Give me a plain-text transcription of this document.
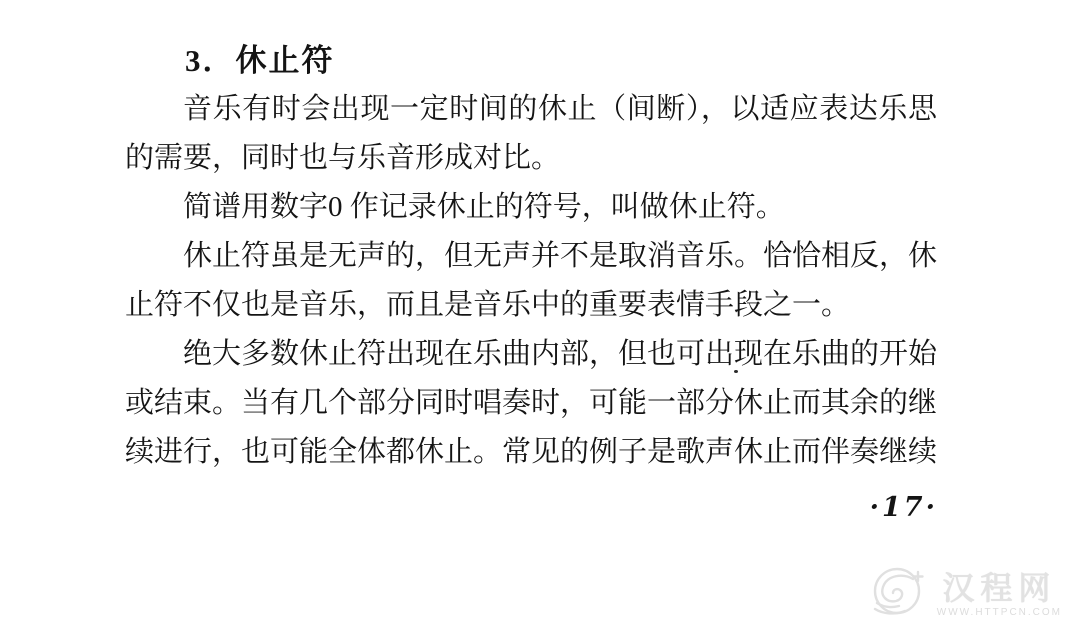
3．休止符
音乐有时会出现一定时间的休止（间断），以适应表达乐思
的需要，同时也与乐音形成对比。
简谱用数字0 作记录休止的符号，叫做休止符。
休止符虽是无声的，但无声并不是取消音乐。恰恰相反，休
止符不仅也是音乐，而且是音乐中的重要表情手段之一。
绝大多数休止符出现在乐曲内部，但也可出现在乐曲的开始
或结束。当有几个部分同时唱奏时，可能一部分休止而其余的继
续进行，也可能全体都休止。常见的例子是歌声休止而伴奏继续
·17·
汉程网
WWW.HTTPCN.COM
